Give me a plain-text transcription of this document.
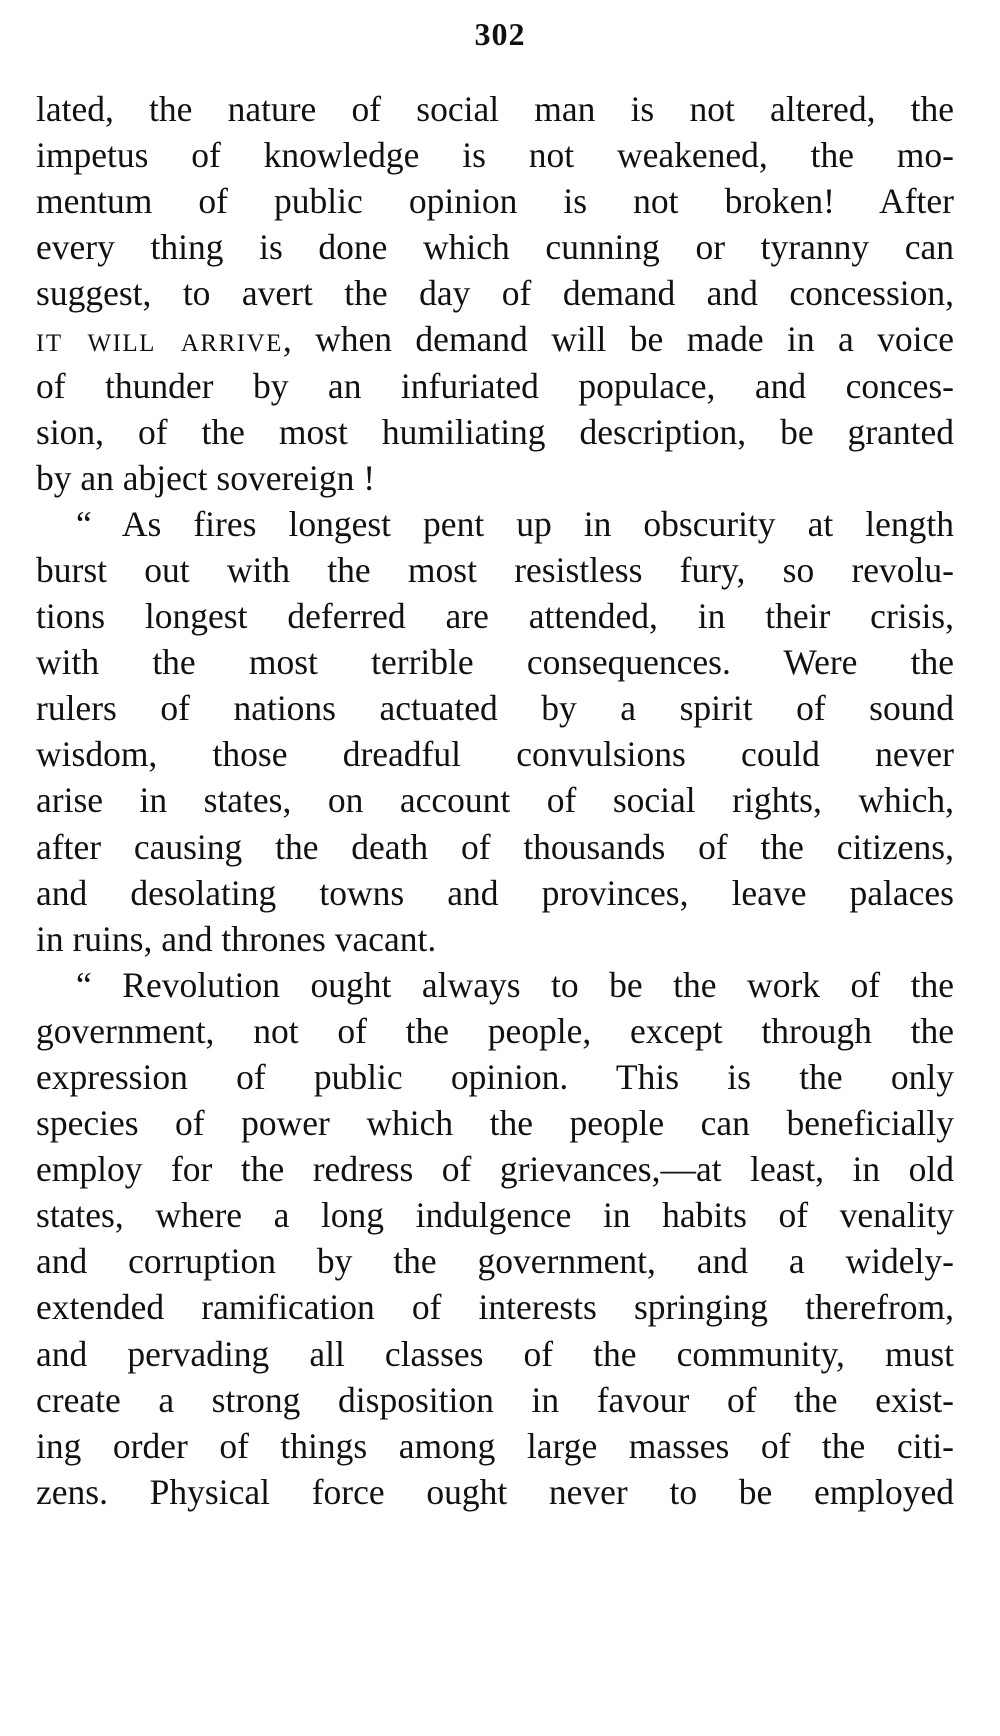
302
lated, the nature of social man is not altered, the
impetus of knowledge is not weakened, the mo-
mentum of public opinion is not broken! After
every thing is done which cunning or tyranny can
suggest, to avert the day of demand and concession,
it will arrive, when demand will be made in a voice
of thunder by an infuriated populace, and conces-
sion, of the most humiliating description, be granted
by an abject sovereign !
“ As fires longest pent up in obscurity at length
burst out with the most resistless fury, so revolu-
tions longest deferred are attended, in their crisis,
with the most terrible consequences. Were the
rulers of nations actuated by a spirit of sound
wisdom, those dreadful convulsions could never
arise in states, on account of social rights, which,
after causing the death of thousands of the citizens,
and desolating towns and provinces, leave palaces
in ruins, and thrones vacant.
“ Revolution ought always to be the work of the
government, not of the people, except through the
expression of public opinion. This is the only
species of power which the people can beneficially
employ for the redress of grievances,—at least, in old
states, where a long indulgence in habits of venality
and corruption by the government, and a widely-
extended ramification of interests springing therefrom,
and pervading all classes of the community, must
create a strong disposition in favour of the exist-
ing order of things among large masses of the citi-
zens. Physical force ought never to be employed
